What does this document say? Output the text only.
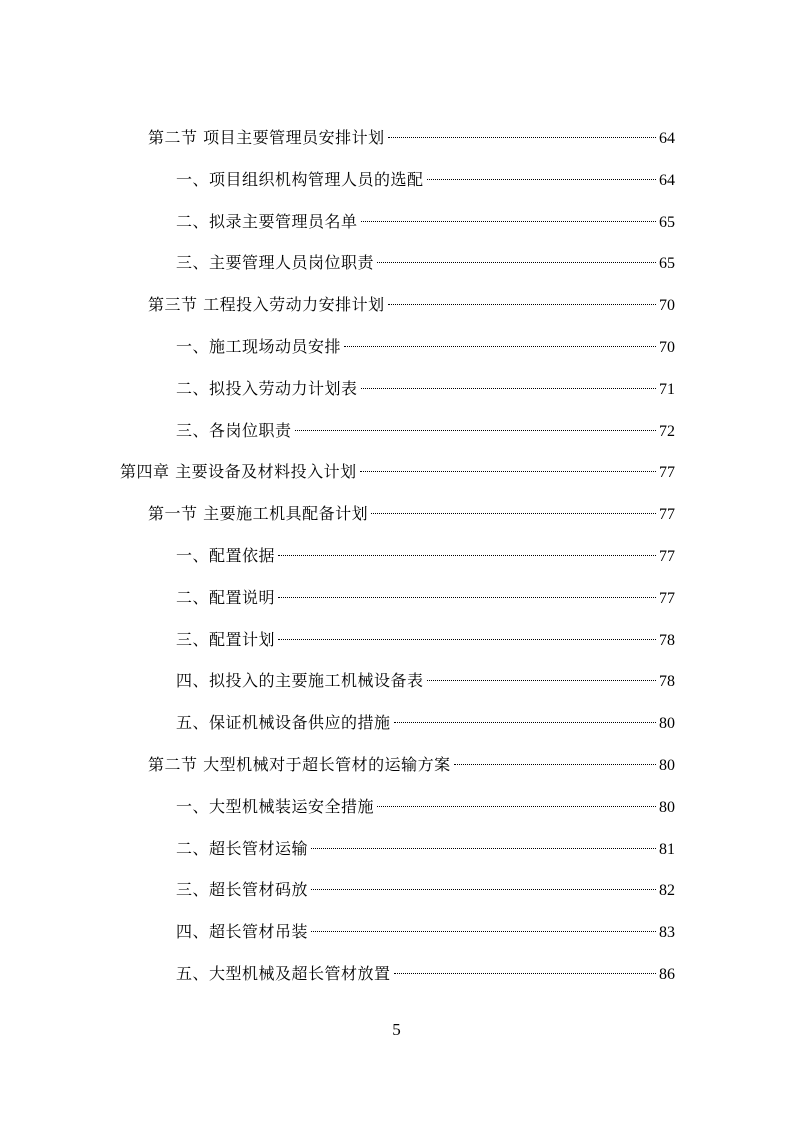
第二节 项目主要管理员安排计划	64
一、项目组织机构管理人员的选配	64
二、拟录主要管理员名单	65
三、主要管理人员岗位职责	65
第三节 工程投入劳动力安排计划	70
一、施工现场动员安排	70
二、拟投入劳动力计划表	71
三、各岗位职责	72
第四章 主要设备及材料投入计划	77
第一节 主要施工机具配备计划	77
一、配置依据	77
二、配置说明	77
三、配置计划	78
四、拟投入的主要施工机械设备表	78
五、保证机械设备供应的措施	80
第二节 大型机械对于超长管材的运输方案	80
一、大型机械装运安全措施	80
二、超长管材运输	81
三、超长管材码放	82
四、超长管材吊装	83
五、大型机械及超长管材放置	86
5
